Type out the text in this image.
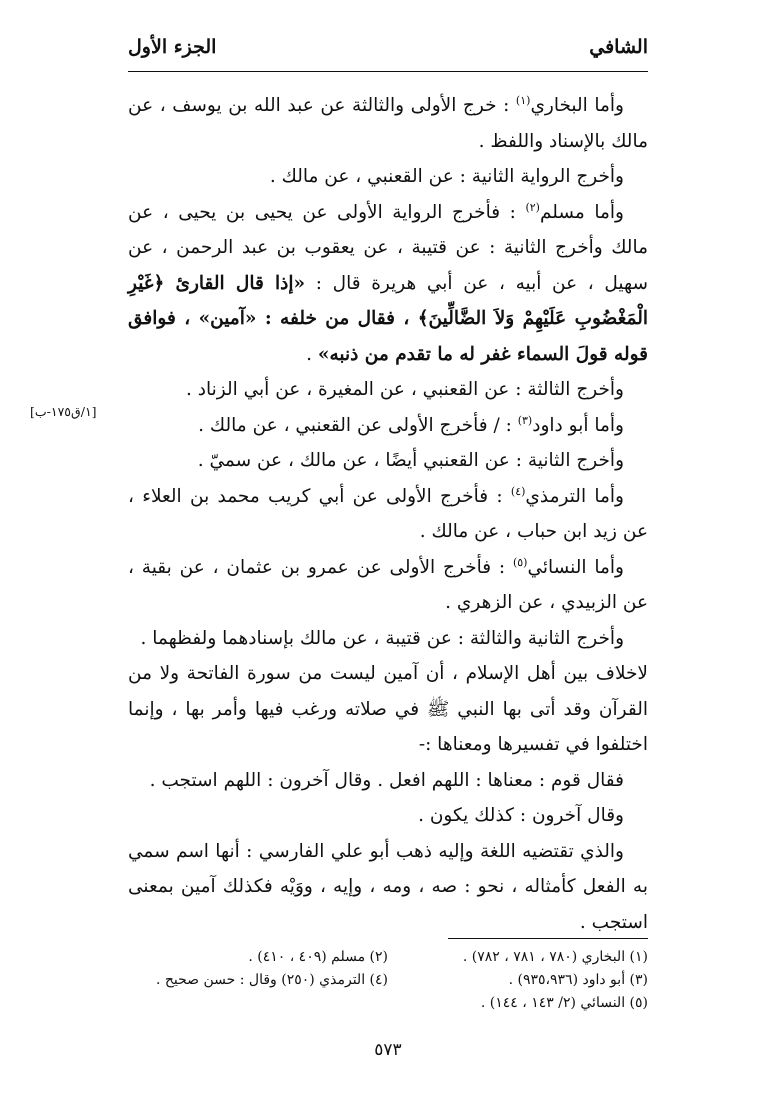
الشافي
الجزء الأول
[١/ق١٧٥-ب]

وأما البخاري$^{(١)}$ : خرج الأولى والثالثة عن عبد الله بن يوسف ، عن مالك بالإسناد واللفظ .

وأخرج الرواية الثانية : عن القعنبي ، عن مالك .

وأما مسلم$^{(٢)}$ : فأخرج الرواية الأولى عن يحيى بن يحيى ، عن مالك وأخرج الثانية : عن قتيبة ، عن يعقوب بن عبد الرحمن ، عن سهيل ، عن أبيه ، عن أبي هريرة قال : «إذا قال القارئ ﴿غَيْرِ الْمَغْضُوبِ عَلَيْهِمْ وَلاَ الضَّالِّينَ﴾ ، فقال من خلفه : «آمين» ، فوافق قوله قولَ السماء غفر له ما تقدم من ذنبه» .

وأخرج الثالثة : عن القعنبي ، عن المغيرة ، عن أبي الزناد .

وأما أبو داود$^{(٣)}$ : / فأخرج الأولى عن القعنبي ، عن مالك .

وأخرج الثانية : عن القعنبي أيضًا ، عن مالك ، عن سميّ .

وأما الترمذي$^{(٤)}$ : فأخرج الأولى عن أبي كريب محمد بن العلاء ، عن زيد ابن حباب ، عن مالك .

وأما النسائي$^{(٥)}$ : فأخرج الأولى عن عمرو بن عثمان ، عن بقية ، عن الزبيدي ، عن الزهري .

وأخرج الثانية والثالثة : عن قتيبة ، عن مالك بإسنادهما ولفظهما .

لاخلاف بين أهل الإسلام ، أن آمين ليست من سورة الفاتحة ولا من القرآن وقد أتى بها النبي ﷺ في صلاته ورغب فيها وأمر بها ، وإنما اختلفوا في تفسيرها ومعناها :-

فقال قوم : معناها : اللهم افعل . وقال آخرون : اللهم استجب .

وقال آخرون : كذلك يكون .

والذي تقتضيه اللغة وإليه ذهب أبو علي الفارسي : أنها اسم سمي به الفعل كأمثاله ، نحو : صه ، ومه ، وإيه ، ووَيْه فكذلك آمين بمعنى استجب .

(١) البخاري (٧٨٠ ، ٧٨١ ، ٧٨٢) .
(٢) مسلم (٤٠٩ ، ٤١٠) .
(٣) أبو داود (٩٣٥،٩٣٦) .
(٤) الترمذي (٢٥٠) وقال : حسن صحيح .
(٥) النسائي (٢/ ١٤٣ ، ١٤٤) .
٥٧٣
